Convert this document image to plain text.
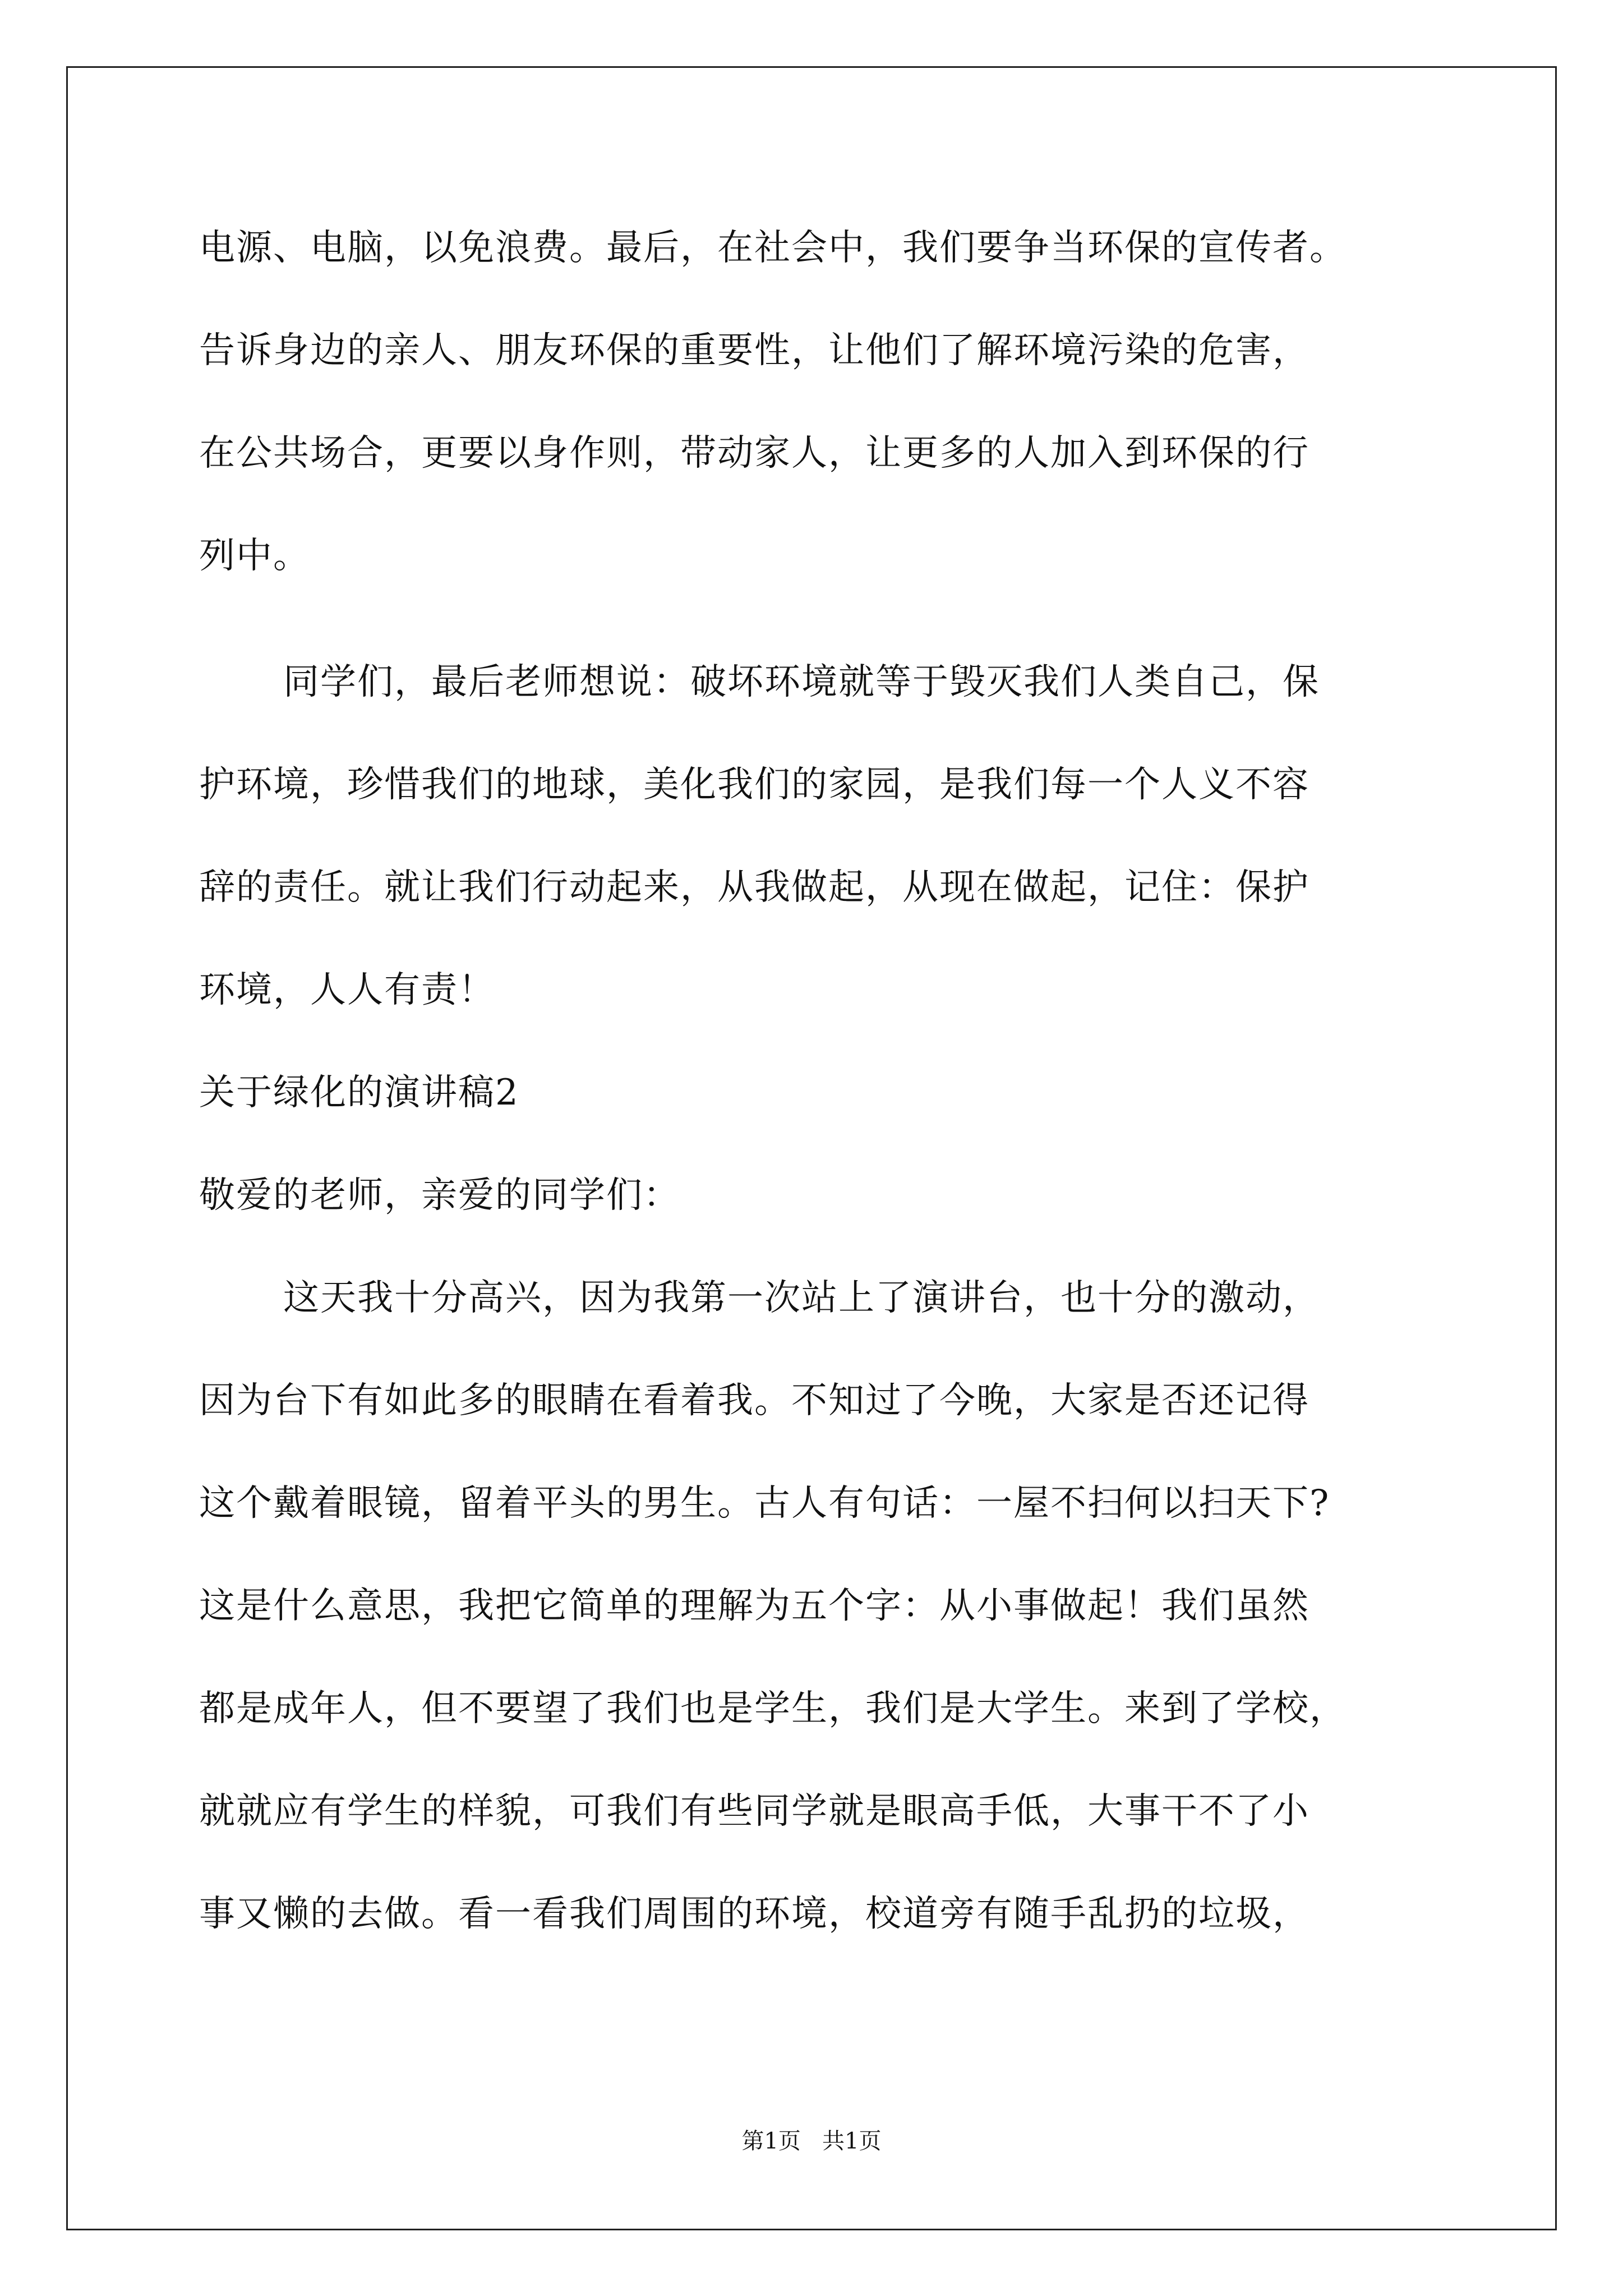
电源、电脑，以免浪费。最后，在社会中，我们要争当环保的宣传者。
告诉身边的亲人、朋友环保的重要性，让他们了解环境污染的危害，
在公共场合，更要以身作则，带动家人，让更多的人加入到环保的行
列中。
同学们，最后老师想说：破坏环境就等于毁灭我们人类自己，保
护环境，珍惜我们的地球，美化我们的家园，是我们每一个人义不容
辞的责任。就让我们行动起来，从我做起，从现在做起，记住：保护
环境，人人有责！
关于绿化的演讲稿2
敬爱的老师，亲爱的同学们：
这天我十分高兴，因为我第一次站上了演讲台，也十分的激动，
因为台下有如此多的眼睛在看着我。不知过了今晚，大家是否还记得
这个戴着眼镜，留着平头的男生。古人有句话：一屋不扫何以扫天下?
这是什么意思，我把它简单的理解为五个字：从小事做起！我们虽然
都是成年人，但不要望了我们也是学生，我们是大学生。来到了学校，
就就应有学生的样貌，可我们有些同学就是眼高手低，大事干不了小
事又懒的去做。看一看我们周围的环境，校道旁有随手乱扔的垃圾，
第1页   共1页
